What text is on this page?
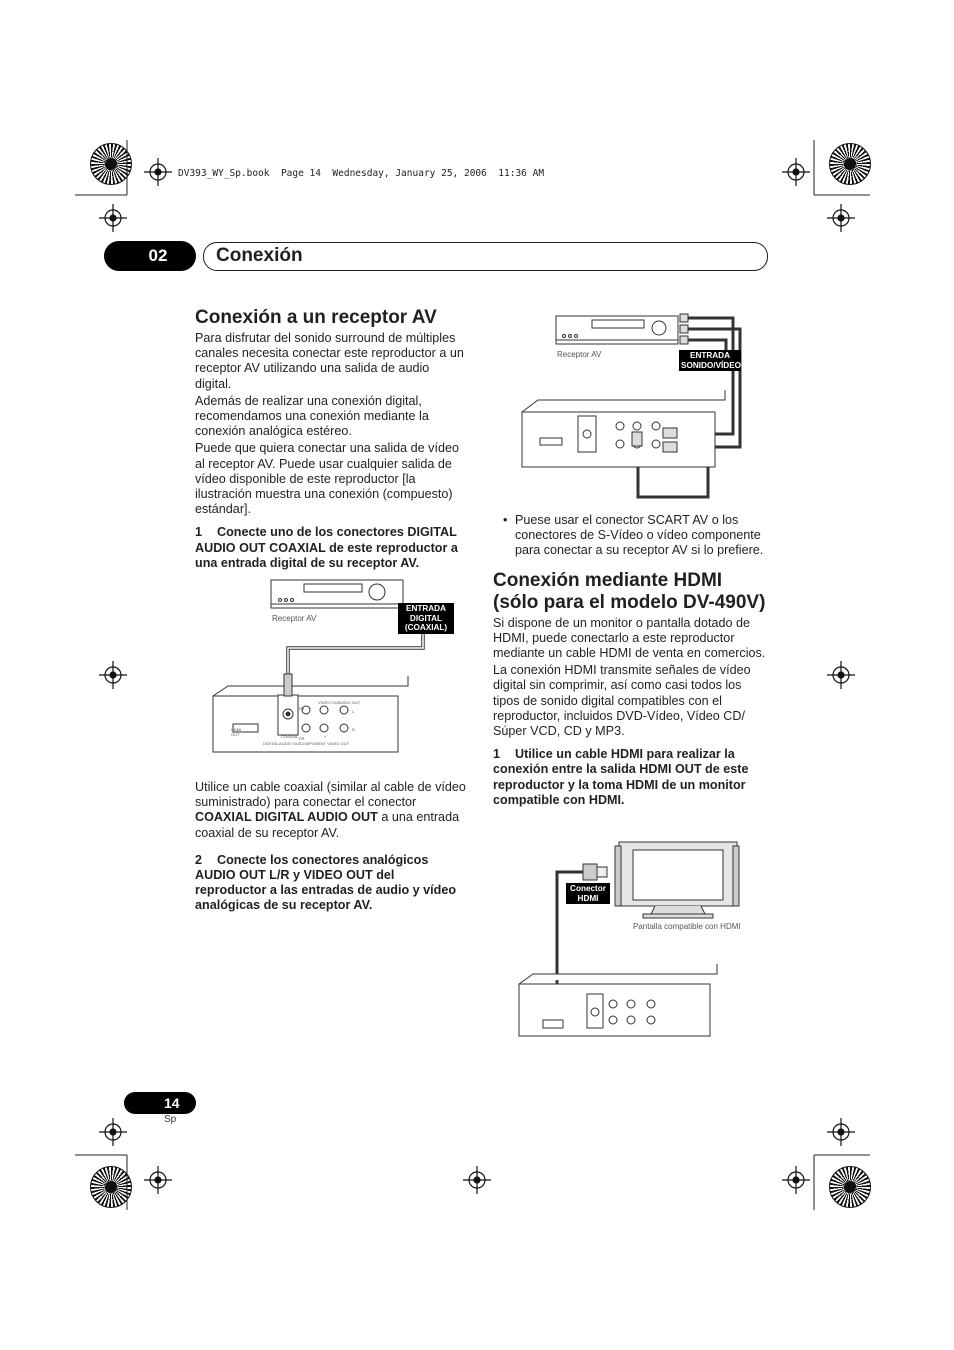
DV393_WY_Sp.book  Page 14  Wednesday, January 25, 2006  11:36 AM
02	Conexión
Conexión a un receptor AV

Para disfrutar del sonido surround de múltiples canales necesita conectar este reproductor a un receptor AV utilizando una salida de audio digital.

Además de realizar una conexión digital, recomendamos una conexión mediante la conexión analógica estéreo.

Puede que quiera conectar una salida de vídeo al receptor AV. Puede usar cualquier salida de vídeo disponible de este reproductor [la ilustración muestra una conexión (compuesto) estándar].

1 Conecte uno de los conectores DIGITAL AUDIO OUT COAXIAL de este reproductor a una entrada digital de su receptor AV.
ENTRADA
DIGITAL
(COAXIAL)
Receptor AV
HDMI OUT	COAXIAL
DIGITAL AUDIO OUT
VIDEO OUT
AUDIO OUT
COMPONENT VIDEO OUT
PB
PR	Y
L
R

Utilice un cable coaxial (similar al cable de vídeo suministrado) para conectar el conector COAXIAL DIGITAL AUDIO OUT a una entrada coaxial de su receptor AV.

2 Conecte los conectores analógicos AUDIO OUT L/R y VIDEO OUT del reproductor a las entradas de audio y vídeo analógicas de su receptor AV.
ENTRADA
SONIDO/VÍDEO
Receptor AV
• Puese usar el conector SCART AV o los conectores de S-Vídeo o vídeo componente para conectar a su receptor AV si lo prefiere.
Conexión mediante HDMI
(sólo para el modelo DV-490V)

Si dispone de un monitor o pantalla dotado de HDMI, puede conectarlo a este reproductor mediante un cable HDMI de venta en comercios.

La conexión HDMI transmite señales de vídeo digital sin comprimir, así como casi todos los tipos de sonido digital compatibles con el reproductor, incluidos DVD-Vídeo, Vídeo CD/ Súper VCD, CD y MP3.

1 Utilice un cable HDMI para realizar la conexión entre la salida HDMI OUT de este reproductor y la toma HDMI de un monitor compatible con HDMI.
Conector
HDMI
Pantalla compatible con HDMI
14
Sp
